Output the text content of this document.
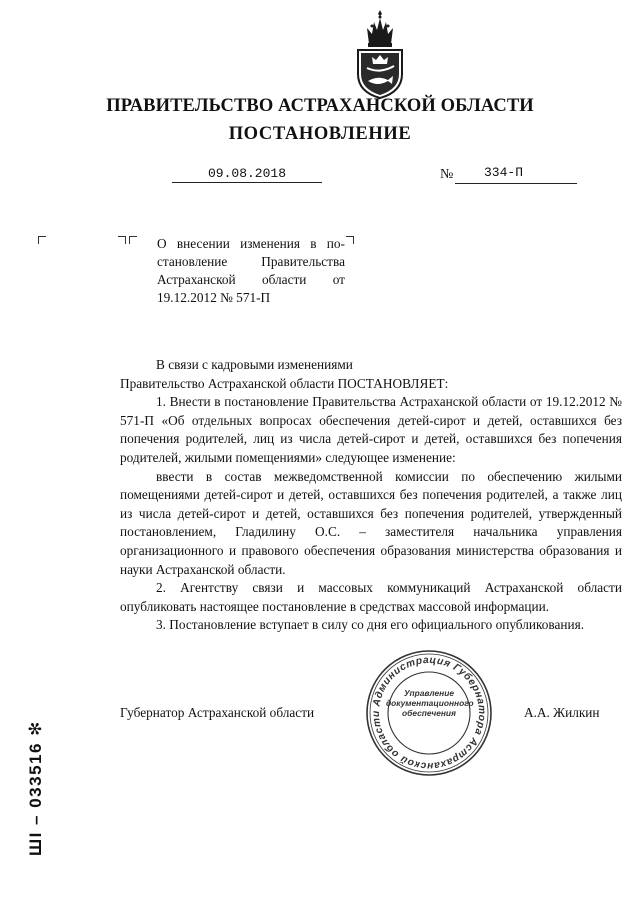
ПРАВИТЕЛЬСТВО АСТРАХАНСКОЙ ОБЛАСТИ
ПОСТАНОВЛЕНИЕ
09.08.2018	№ 334-П
О внесении изменения в по-
становление Правительства
Астраханской области от
19.12.2012 № 571-П
В связи с кадровыми изменениями
Правительство Астраханской области ПОСТАНОВЛЯЕТ:

1. Внести в постановление Правительства Астраханской области от 19.12.2012 № 571-П «Об отдельных вопросах обеспечения детей-сирот и детей, оставшихся без попечения родителей, лиц из числа детей-сирот и детей, оставшихся без попечения родителей, жилыми помещениями» следующее изменение:

ввести в состав межведомственной комиссии по обеспечению жилыми помещениями детей-сирот и детей, оставшихся без попечения родителей, а также лиц из числа детей-сирот и детей, оставшихся без попечения родителей, утвержденный постановлением, Гладилину О.С. – заместителя начальника управления организационного и правового обеспечения образования министерства образования и науки Астраханской области.

2. Агентству связи и массовых коммуникаций Астраханской области опубликовать настоящее постановление в средствах массовой информации.

3. Постановление вступает в силу со дня его официального опубликования.

Администрация Губернатора Астраханской области
Управление
документационного
обеспечения
Губернатор Астраханской области	А.А. Жилкин
ШI – 033516 ✻
